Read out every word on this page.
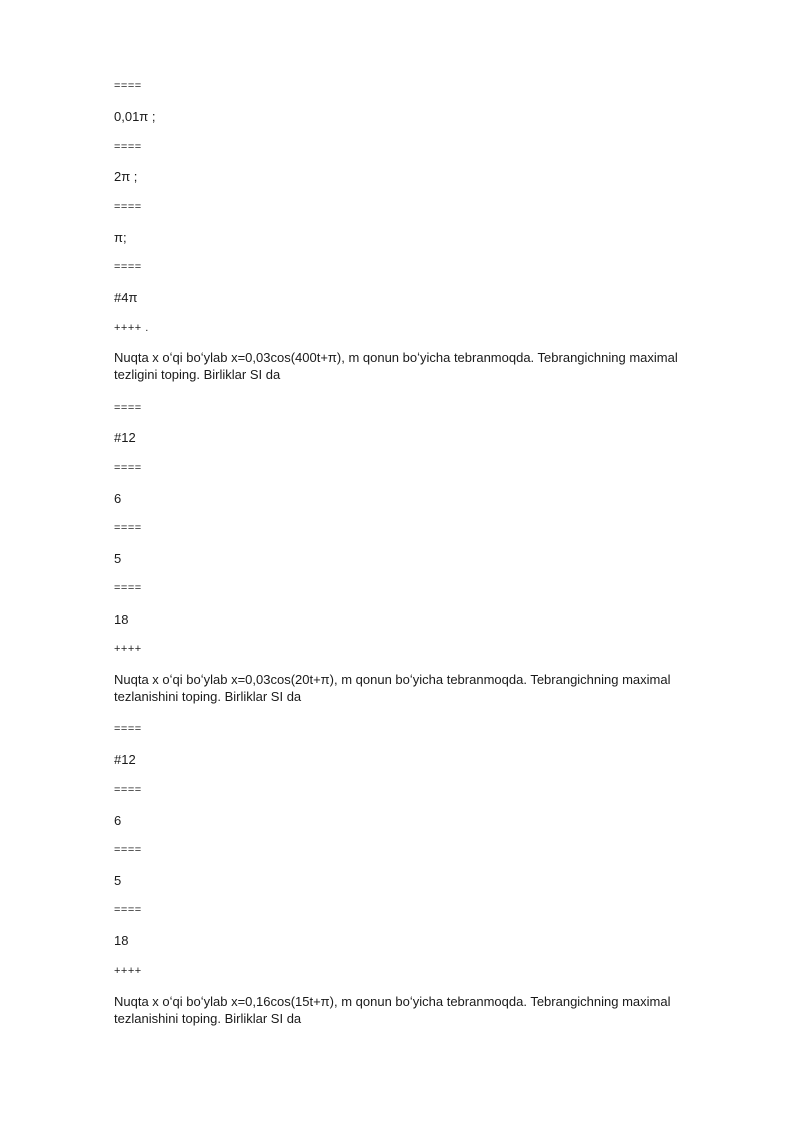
====
0,01π ;
====
2π ;
====
π;
====
#4π
++++ .
Nuqta x oʻqi boʻylab x=0,03cos(400t+π), m qonun boʻyicha tebranmoqda. Tebrangichning maximal tezligini toping. Birliklar SI da
====
#12
====
6
====
5
====
18
++++
Nuqta x oʻqi boʻylab x=0,03cos(20t+π), m qonun boʻyicha tebranmoqda. Tebrangichning maximal tezlanishini toping. Birliklar SI da
====
#12
====
6
====
5
====
18
++++
Nuqta x oʻqi boʻylab x=0,16cos(15t+π), m qonun boʻyicha tebranmoqda. Tebrangichning maximal tezlanishini toping. Birliklar SI da
